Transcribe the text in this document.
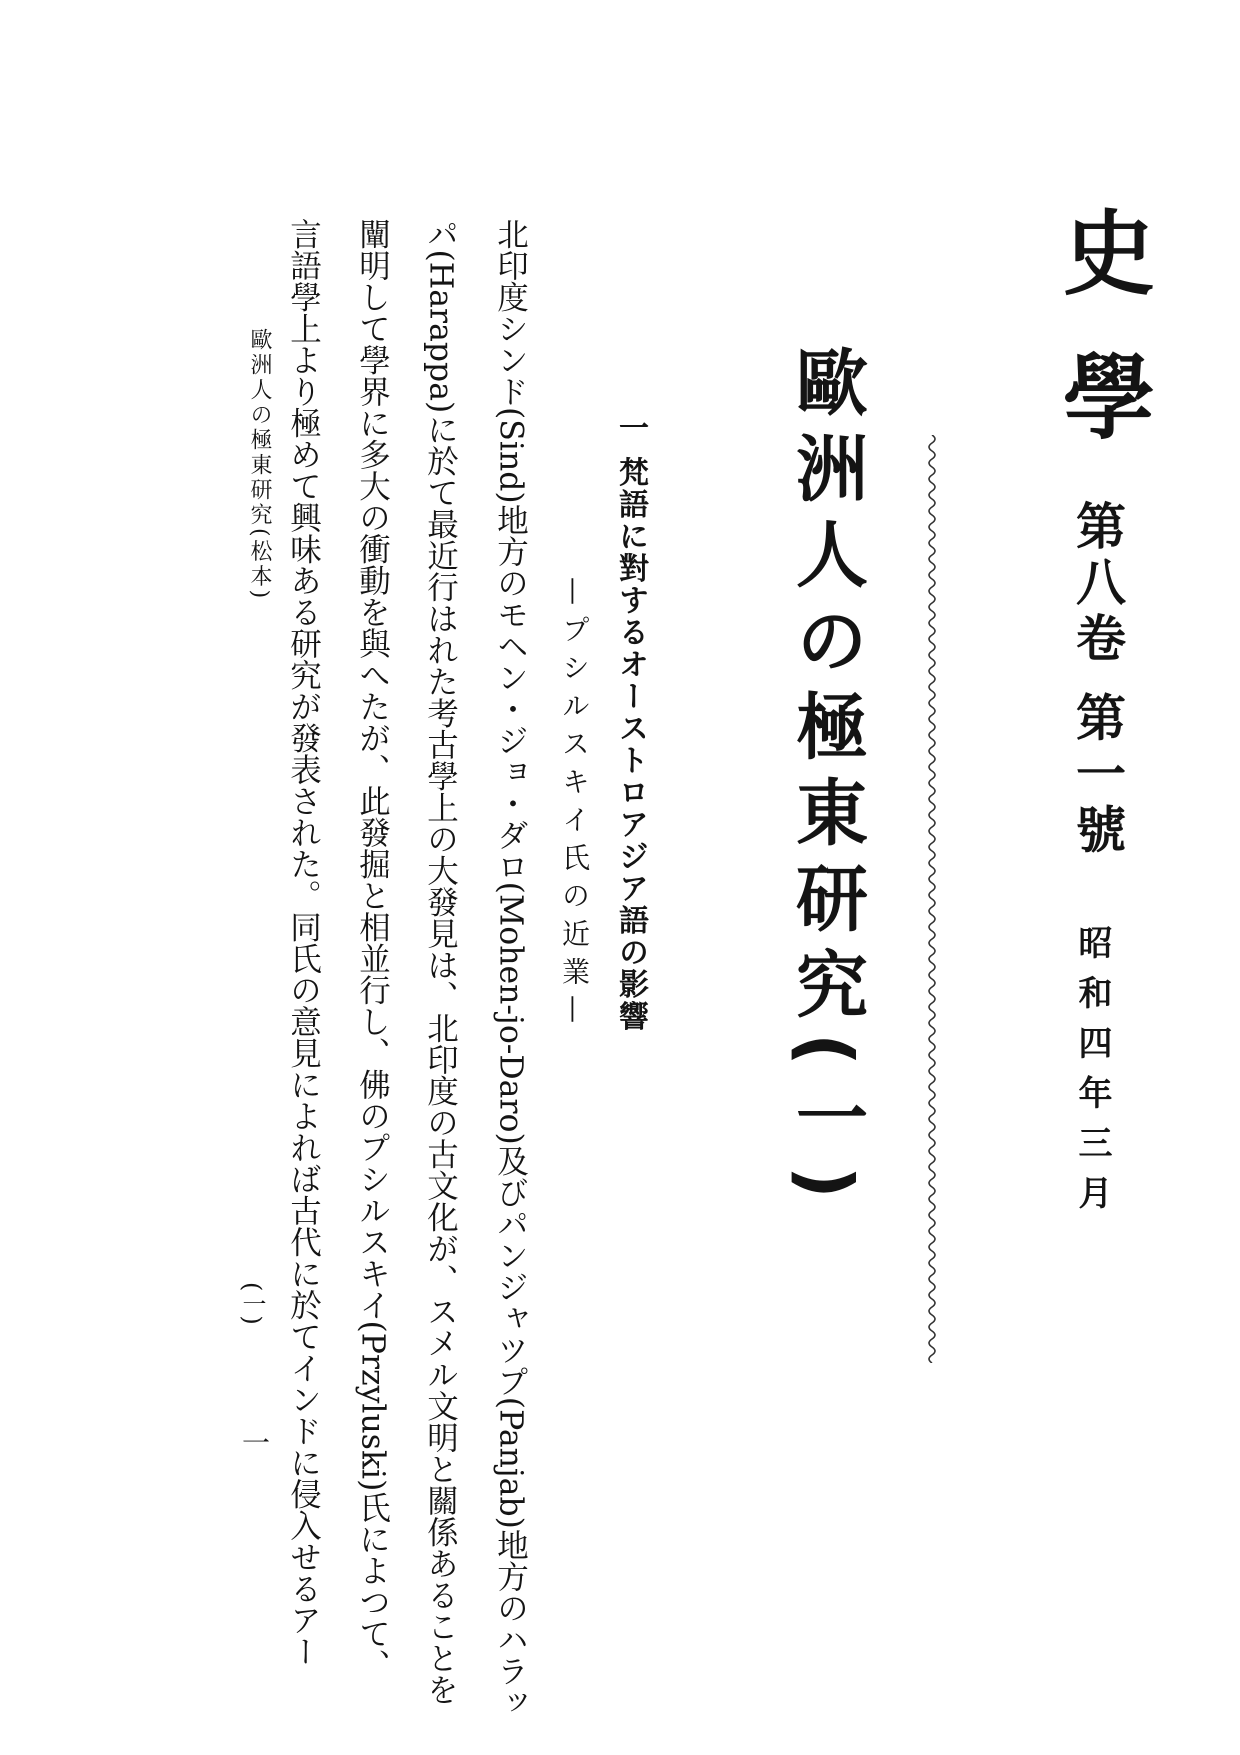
史學
第八卷 第一號
昭和四年三月
歐洲人の極東研究(一)
一 梵語に對するオーストロアジア語の影響
—プシルスキイ氏の近業—
北印度シンド(Sind)地方のモヘン・ジョ・ダロ(Mohen-jo-Daro)及びパンジャツプ(Panjab)地方のハラッ
パ(Harappa)に於て最近行はれた考古學上の大發見は、北印度の古文化が、スメル文明と關係あることを
闡明して學界に多大の衝動を與へたが、此發掘と相並行し、佛のプシルスキイ(Przyluski)氏によつて、
言語學上より極めて興味ある研究が發表された。同氏の意見によれば古代に於てインドに侵入せるアー
歐洲人の極東研究(松本)
(一)
一
